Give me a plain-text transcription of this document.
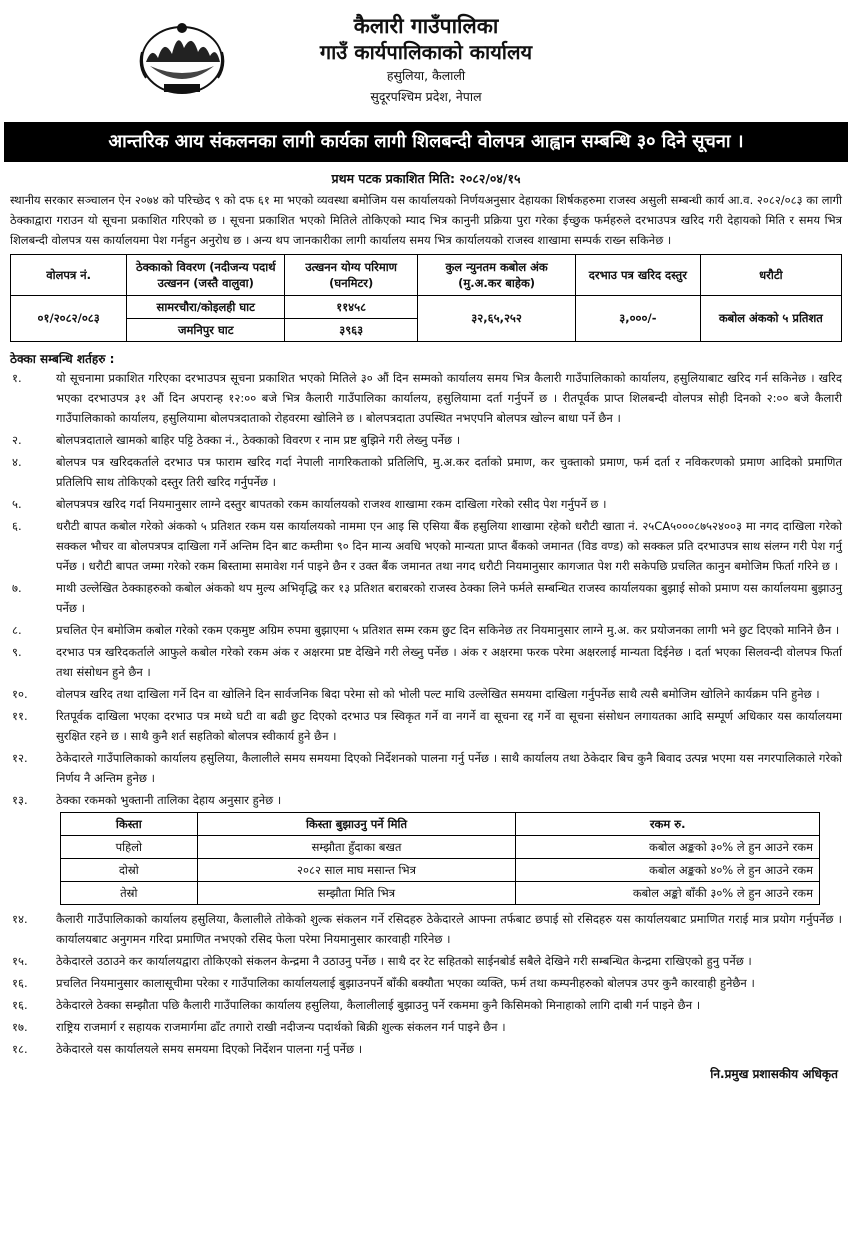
कैलारी गाउँपालिका
गाउँ कार्यपालिकाको कार्यालय
हसुलिया, कैलाली
सुदूरपश्चिम प्रदेश, नेपाल
आन्तरिक आय संकलनका लागी कार्यका लागी शिलबन्दी वोलपत्र आह्वान सम्बन्धि ३० दिने सूचना ।
प्रथम पटक प्रकाशित मिति: २०८२/०४/१५

स्थानीय सरकार सञ्चालन ऐन २०७४ को परिच्छेद ९ को दफ ६१ मा भएको व्यवस्था बमोजिम यस कार्यालयको निर्णयअनुसार देहायका शिर्षकहरुमा राजस्व असुली सम्बन्धी कार्य आ.व. २०८२/०८३ का लागी ठेक्काद्वारा गराउन यो सूचना प्रकाशित गरिएको छ । सूचना प्रकाशित भएको मितिले तोकिएको म्याद भित्र कानुनी प्रक्रिया पुरा गरेका ईच्छुक फर्महरुले दरभाउपत्र खरिद गरी देहायको मिति र समय भित्र शिलबन्दी वोलपत्र यस कार्यालयमा पेश गर्नहुन अनुरोध छ । अन्य थप जानकारीका लागी कार्यालय समय भित्र कार्यालयको राजस्व शाखामा सम्पर्क राख्न सकिनेछ ।

वोलपत्र नं.	ठेक्काको विवरण (नदीजन्य पदार्थ उत्खनन (जस्तै वालुवा)	उत्खनन योग्य परिमाण (घनमिटर)	कुल न्युनतम कबोल अंक (मु.अ.कर बाहेक)	दरभाउ पत्र खरिद दस्तुर	धरौटी
०१/२०८२/०८३	सामरचौरा/कोइलही घाट	११४५८	३२,६५,२५२	३,०००/-	कबोल अंकको ५ प्रतिशत
	जमनिपुर घाट	३९६३			
ठेक्का सम्बन्धि शर्तहरु :
१.	यो सूचनामा प्रकाशित गरिएका दरभाउपत्र सूचना प्रकाशित भएको मितिले ३० औं दिन सम्मको कार्यालय समय भित्र कैलारी गाउँपालिकाको कार्यालय, हसुलियाबाट खरिद गर्न सकिनेछ । खरिद भएका दरभाउपत्र ३१ औं दिन अपरान्ह १२:०० बजे भित्र कैलारी गाउँपालिका कार्यालय, हसुलियामा दर्ता गर्नुपर्ने छ । रीतपूर्वक प्राप्त शिलबन्दी वोलपत्र सोही दिनको २:०० बजे कैलारी गाउँपालिकाको कार्यालय, हसुलियामा बोलपत्रदाताको रोहवरमा खोलिने छ । बोलपत्रदाता उपस्थित नभएपनि बोलपत्र खोल्न बाधा पर्ने छैन ।
२.	बोलपत्रदाताले खामको बाहिर पट्टि ठेक्का नं., ठेक्काको विवरण र नाम प्रष्ट बुझिने गरी लेख्नु पर्नेछ ।
४.	बोलपत्र पत्र खरिदकर्ताले दरभाउ पत्र फाराम खरिद गर्दा नेपाली नागरिकताको प्रतिलिपि, मु.अ.कर दर्ताको प्रमाण, कर चुक्ताको प्रमाण, फर्म दर्ता र नविकरणको प्रमाण आदिको प्रमाणित प्रतिलिपि साथ तोकिएको दस्तुर तिरी खरिद गर्नुपर्नेछ ।
५.	बोलपत्रपत्र खरिद गर्दा नियमानुसार लाग्ने दस्तुर बापतको रकम कार्यालयको राजश्व शाखामा रकम दाखिला गरेको रसीद पेश गर्नुपर्ने छ ।
६.	धरौटी बापत कबोल गरेको अंकको ५ प्रतिशत रकम यस कार्यालयको नाममा एन आइ सि एसिया बैंक हसुलिया शाखामा रहेको धरौटी खाता नं. २५CA५०००८७५२४००३ मा नगद दाखिला गरेको सक्कल भौचर वा बोलपत्रपत्र दाखिला गर्ने अन्तिम दिन बाट कम्तीमा ९० दिन मान्य अवधि भएको मान्यता प्राप्त बैंकको जमानत (विड वण्ड) को सक्कल प्रति दरभाउपत्र साथ संलग्न गरी पेश गर्नु पर्नेछ । धरौटी बापत जम्मा गरेको रकम बिस्तामा समावेश गर्न पाइने छैन र उक्त बैंक जमानत तथा नगद धरौटी नियमानुसार कागजात पेश गरी सकेपछि प्रचलित कानुन बमोजिम फिर्ता गरिने छ ।
७.	माथी उल्लेखित ठेक्काहरुको कबोल अंकको थप मुल्य अभिवृद्धि कर १३ प्रतिशत बराबरको राजस्व ठेक्का लिने फर्मले सम्बन्धित राजस्व कार्यालयका बुझाई सोको प्रमाण यस कार्यालयमा बुझाउनु पर्नेछ ।
८.	प्रचलित ऐन बमोजिम कबोल गरेको रकम एकमुष्ट अग्रिम रुपमा बुझाएमा ५ प्रतिशत सम्म रकम छुट दिन सकिनेछ तर नियमानुसार लाग्ने मु.अ. कर प्रयोजनका लागी भने छुट दिएको मानिने छैन ।
९.	दरभाउ पत्र खरिदकर्ताले आफुले कबोल गरेको रकम अंक र अक्षरमा प्रष्ट देखिने गरी लेख्नु पर्नेछ । अंक र अक्षरमा फरक परेमा अक्षरलाई मान्यता दिईनेछ । दर्ता भएका सिलवन्दी वोलपत्र फिर्ता तथा संसोधन हुने छैन ।
१०.	वोलपत्र खरिद तथा दाखिला गर्ने दिन वा खोलिने दिन सार्वजनिक बिदा परेमा सो को भोली पल्ट माथि उल्लेखित समयमा दाखिला गर्नुपर्नेछ साथै त्यसै बमोजिम खोलिने कार्यक्रम पनि हुनेछ ।
११.	रितपूर्वक दाखिला भएका दरभाउ पत्र मध्ये घटी वा बढी छुट दिएको दरभाउ पत्र स्विकृत गर्ने वा नगर्ने वा सूचना रद्द गर्ने वा सूचना संसोधन लगायतका आदि सम्पूर्ण अधिकार यस कार्यालयमा सुरक्षित रहने छ । साथै कुनै शर्त सहतिको बोलपत्र स्वीकार्य हुने छैन ।
१२.	ठेकेदारले गाउँपालिकाको कार्यालय हसुलिया, कैलालीले समय समयमा दिएको निर्देशनको पालना गर्नु पर्नेछ । साथै कार्यालय तथा ठेकेदार बिच कुनै बिवाद उत्पन्न भएमा यस नगरपालिकाले गरेको निर्णय नै अन्तिम हुनेछ ।
१३.	ठेक्का रकमको भुक्तानी तालिका देहाय अनुसार हुनेछ ।
किस्ता	किस्ता बुझाउनु पर्ने मिति	रकम रु.
पहिलो	सम्झौता हुँदाका बखत	कबोल अङ्कको ३०% ले हुन आउने रकम
दोस्रो	२०८२ साल माघ मसान्त भित्र	कबोल अङ्कको ४०% ले हुन आउने रकम
तेस्रो	सम्झौता मिति भित्र	कबोल अङ्को बाँकी ३०% ले हुन आउने रकम
१४.	कैलारी गाउँपालिकाको कार्यालय हसुलिया, कैलालीले तोकेको शुल्क संकलन गर्ने रसिदहरु ठेकेदारले आफ्ना तर्फबाट छपाई सो रसिदहरु यस कार्यालयबाट प्रमाणित गराई मात्र प्रयोग गर्नुपर्नेछ । कार्यालयबाट अनुगमन गरिदा प्रमाणित नभएको रसिद फेला परेमा नियमानुसार कारवाही गरिनेछ ।
१५.	ठेकेदारले उठाउने कर कार्यालयद्वारा तोकिएको संकलन केन्द्रमा नै उठाउनु पर्नेछ । साथै दर रेट सहितको साईनबोर्ड सबैले देखिने गरी सम्बन्धित केन्द्रमा राखिएको हुनु पर्नेछ ।
१६.	प्रचलित नियमानुसार कालासूचीमा परेका र गाउँपालिका कार्यालयलाई बुझाउनपर्ने बाँकी बक्यौता भएका व्यक्ति, फर्म तथा कम्पनीहरुको बोलपत्र उपर कुनै कारवाही हुनेछैन ।
१६.	ठेकेदारले ठेक्का सम्झौता पछि कैलारी गाउँपालिका कार्यालय हसुलिया, कैलालीलाई बुझाउनु पर्ने रकममा कुनै किसिमको मिनाहाको लागि दाबी गर्न पाइने छैन ।
१७.	राष्ट्रिय राजमार्ग र सहायक राजमार्गमा ढाँट तगारो राखी नदीजन्य पदार्थको बिक्री शुल्क संकलन गर्न पाइने छैन ।
१८.	ठेकेदारले यस कार्यालयले समय समयमा दिएको निर्देशन पालना गर्नु पर्नेछ ।
नि.प्रमुख प्रशासकीय अधिकृत
